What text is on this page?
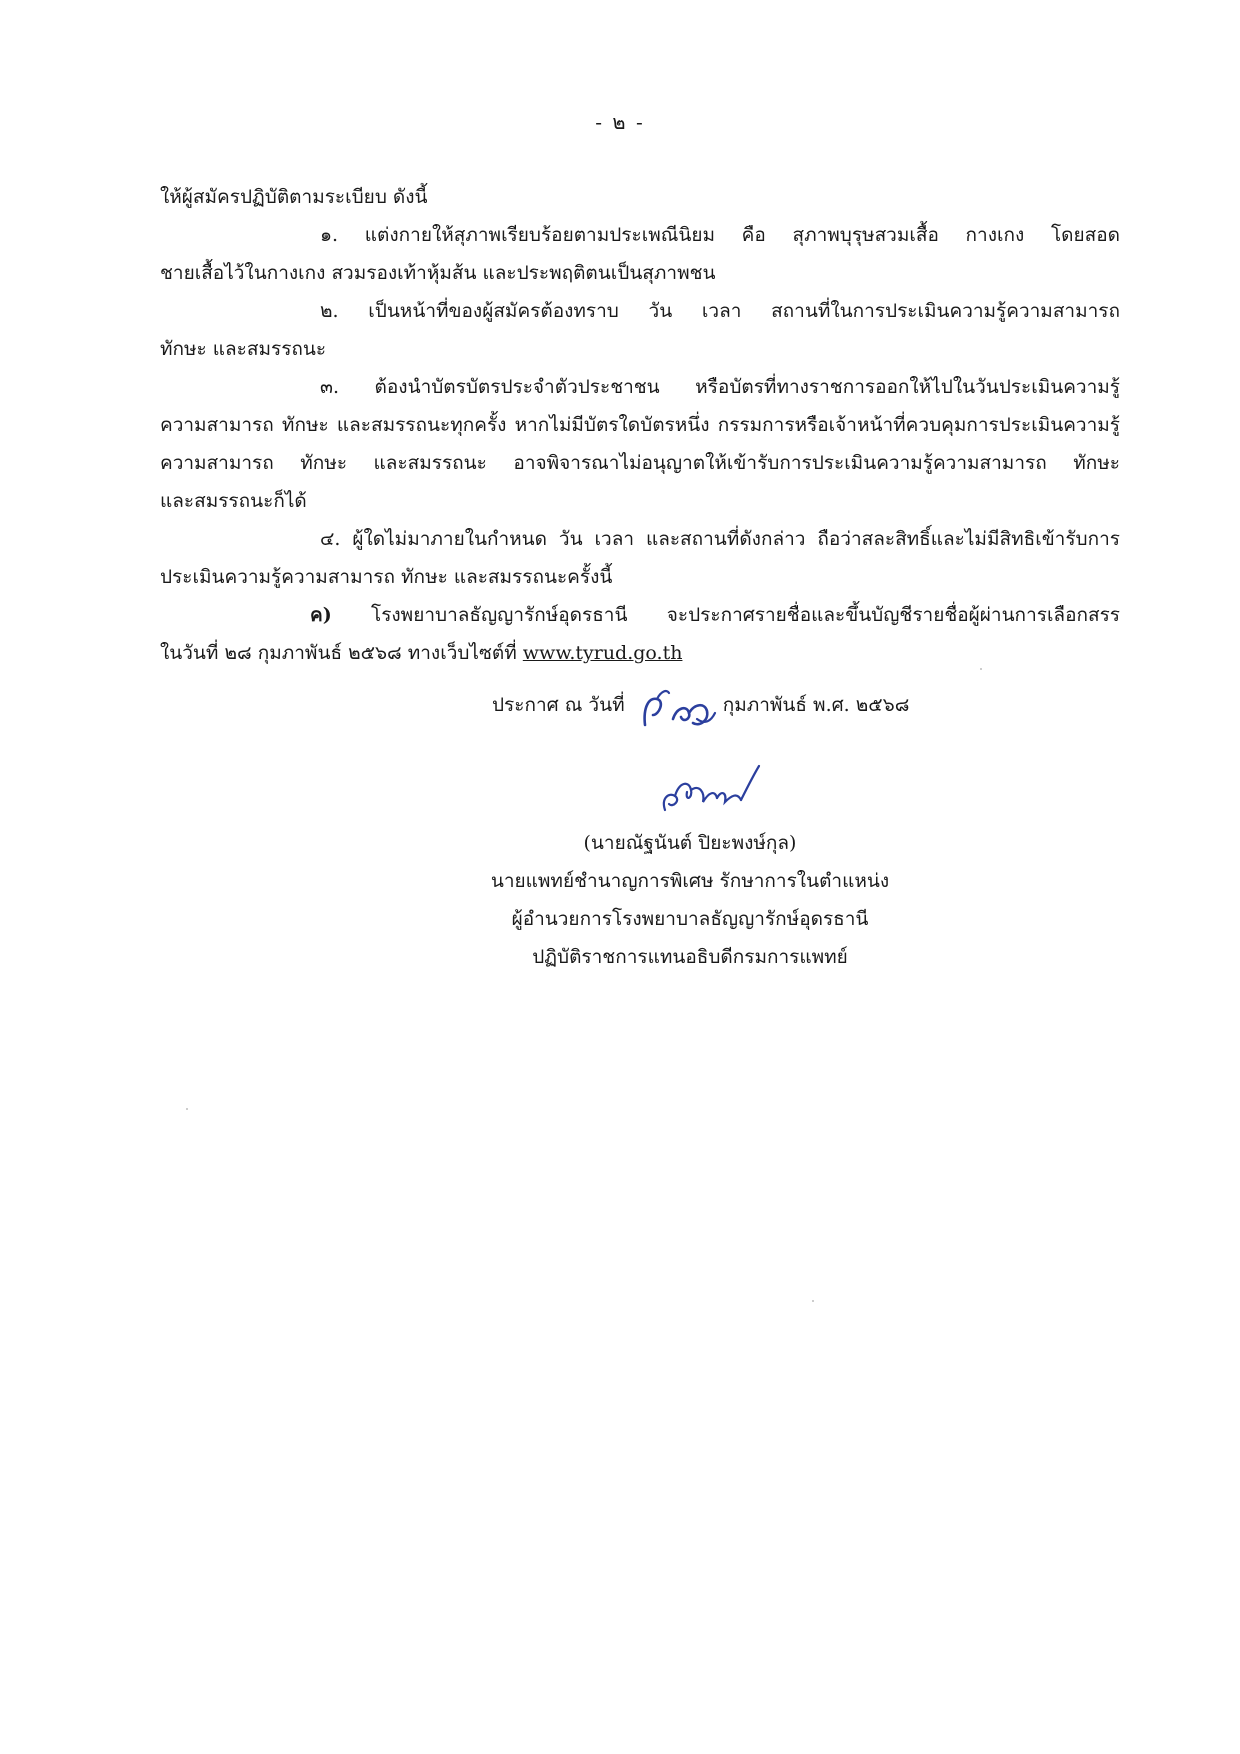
- ๒ -

ให้ผู้สมัครปฏิบัติตามระเบียบ ดังนี้

๑. แต่งกายให้สุภาพเรียบร้อยตามประเพณีนิยม คือ สุภาพบุรุษสวมเสื้อ กางเกง โดยสอด

ชายเสื้อไว้ในกางเกง สวมรองเท้าหุ้มส้น และประพฤติตนเป็นสุภาพชน

๒. เป็นหน้าที่ของผู้สมัครต้องทราบ วัน เวลา สถานที่ในการประเมินความรู้ความสามารถ

ทักษะ และสมรรถนะ

๓. ต้องนำบัตรบัตรประจำตัวประชาชน หรือบัตรที่ทางราชการออกให้ไปในวันประเมินความรู้

ความสามารถ ทักษะ และสมรรถนะทุกครั้ง หากไม่มีบัตรใดบัตรหนึ่ง กรรมการหรือเจ้าหน้าที่ควบคุมการประเมินความรู้

ความสามารถ ทักษะ และสมรรถนะ อาจพิจารณาไม่อนุญาตให้เข้ารับการประเมินความรู้ความสามารถ ทักษะ

และสมรรถนะก็ได้

๔. ผู้ใดไม่มาภายในกำหนด วัน เวลา และสถานที่ดังกล่าว ถือว่าสละสิทธิ์และไม่มีสิทธิเข้ารับการ

ประเมินความรู้ความสามารถ ทักษะ และสมรรถนะครั้งนี้

ค) โรงพยาบาลธัญญารักษ์อุดรธานี จะประกาศรายชื่อและขึ้นบัญชีรายชื่อผู้ผ่านการเลือกสรร

ในวันที่ ๒๘ กุมภาพันธ์ ๒๕๖๘ ทางเว็บไซต์ที่ www.tyrud.go.th

ประกาศ ณ วันที่	กุมภาพันธ์ พ.ศ. ๒๕๖๘

(นายณัฐนันต์ ปิยะพงษ์กุล)

นายแพทย์ชำนาญการพิเศษ รักษาการในตำแหน่ง

ผู้อำนวยการโรงพยาบาลธัญญารักษ์อุดรธานี

ปฏิบัติราชการแทนอธิบดีกรมการแพทย์
